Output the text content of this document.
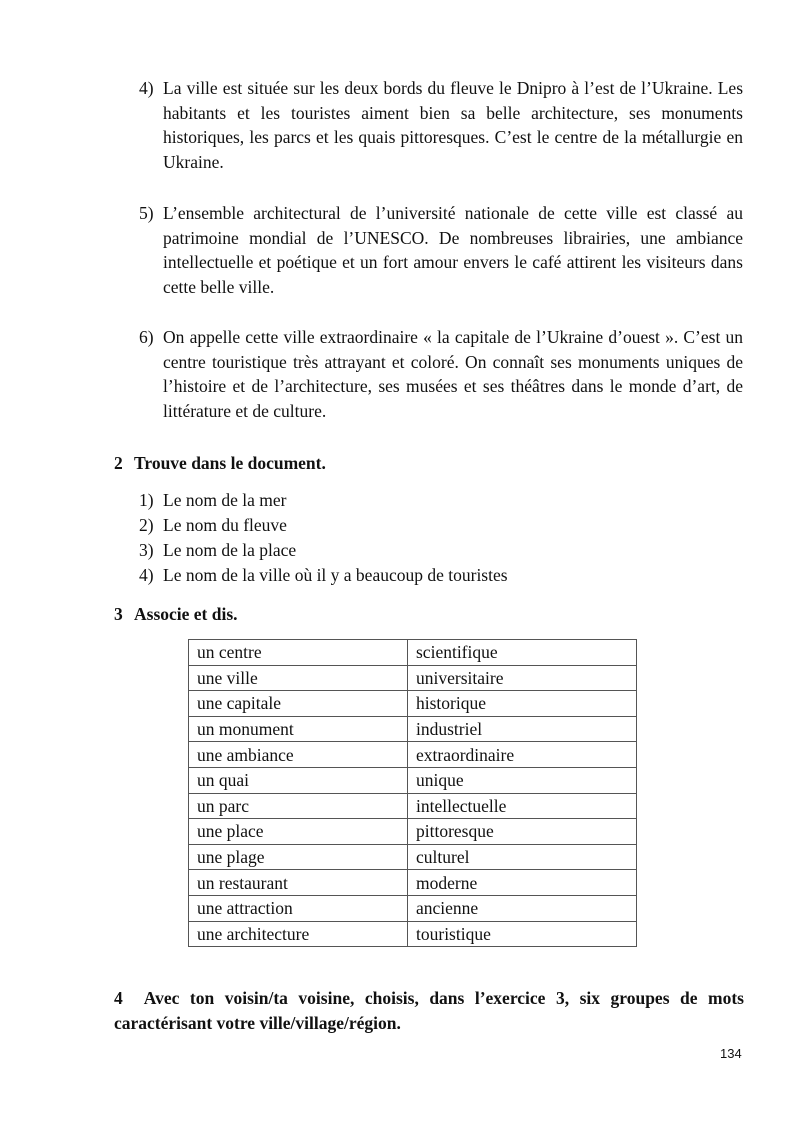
4) La ville est située sur les deux bords du fleuve le Dnipro à l’est de l’Ukraine. Les habitants et les touristes aiment bien sa belle architecture, ses monuments historiques, les parcs et les quais pittoresques. C’est le centre de la métallurgie en Ukraine.
5) L’ensemble architectural de l’université nationale de cette ville est classé au patrimoine mondial de l’UNESCO. De nombreuses librairies, une ambiance intellectuelle et poétique et un fort amour envers le café attirent les visiteurs dans cette belle ville.
6) On appelle cette ville extraordinaire « la capitale de l’Ukraine d’ouest ». C’est un centre touristique très attrayant et coloré. On connaît ses monuments uniques de l’histoire et de l’architecture, ses musées et ses théâtres dans le monde d’art, de littérature et de culture.

2 Trouve dans le document.

1) Le nom de la mer
2) Le nom du fleuve
3) Le nom de la place
4) Le nom de la ville où il y a beaucoup de touristes

3 Associe et dis.

un centre	scientifique
une ville	universitaire
une capitale	historique
un monument	industriel
une ambiance	extraordinaire
un quai	unique
un parc	intellectuelle
une place	pittoresque
une plage	culturel
un restaurant	moderne
une attraction	ancienne
une architecture	touristique

4 Avec ton voisin/ta voisine, choisis, dans l’exercice 3, six groupes de mots caractérisant votre ville/village/région.

134
